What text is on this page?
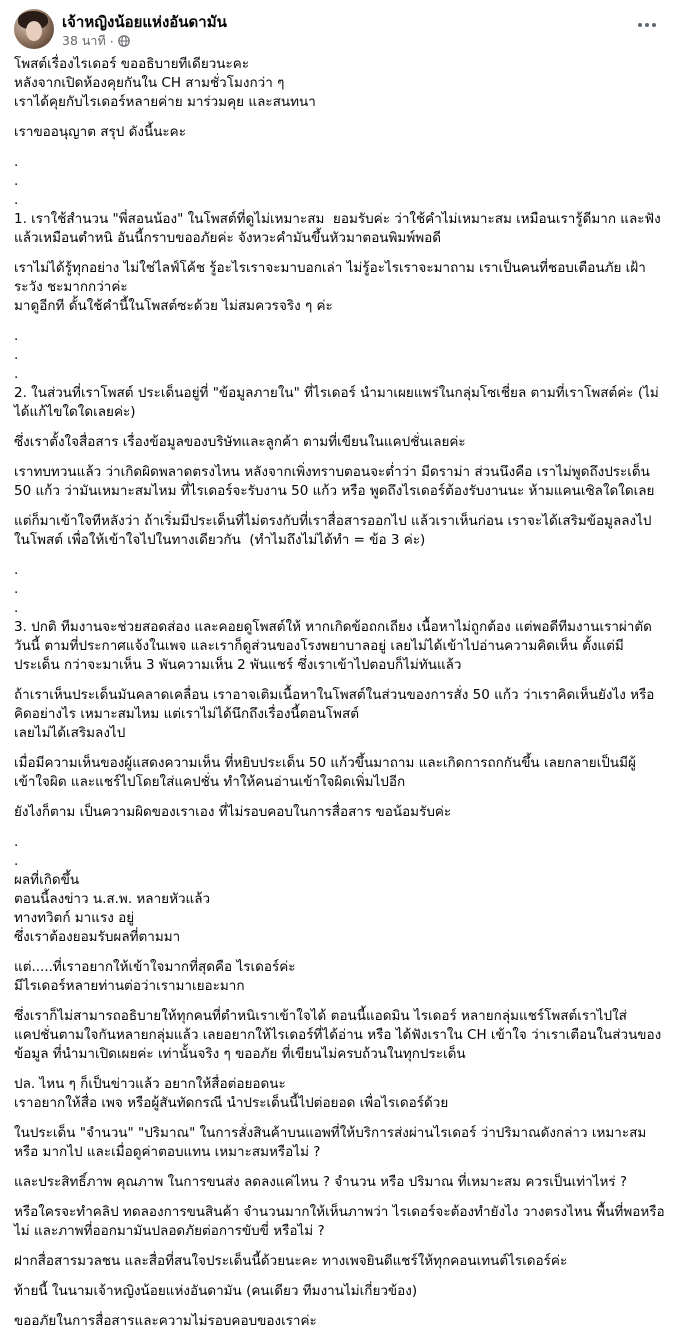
เจ้าหญิงน้อยแห่งอันดามัน
38 นาที ·

โพสต์เรื่องไรเดอร์ ขออธิบายทีเดียวนะคะ
หลังจากเปิดห้องคุยกันใน CH สามชั่วโมงกว่า ๆ
เราได้คุยกับไรเดอร์หลายค่าย มาร่วมคุย และสนทนา

เราขออนุญาต สรุป ดังนี้นะคะ

.

.

.

1. เราใช้สำนวน "พี่สอนน้อง" ในโพสต์ที่ดูไม่เหมาะสม  ยอมรับค่ะ ว่าใช้คำไม่เหมาะสม เหมือนเรารู้ดีมาก และฟังแล้วเหมือนตำหนิ อันนี้กราบขออภัยค่ะ จังหวะคำมันขึ้นหัวมาตอนพิมพ์พอดี

เราไม่ได้รู้ทุกอย่าง ไม่ใช่ไลฟ์โค้ช รู้อะไรเราจะมาบอกเล่า ไม่รู้อะไรเราจะมาถาม เราเป็นคนที่ชอบเตือนภัย เฝ้าระวัง ชะมากกว่าค่ะ
มาดูอีกที ดั้นใช้คำนี้ในโพสต์ซะด้วย ไม่สมควรจริง ๆ ค่ะ

.

.

.

2. ในส่วนที่เราโพสต์ ประเด็นอยู่ที่ "ข้อมูลภายใน" ที่ไรเดอร์ นำมาเผยแพร่ในกลุ่มโซเชี่ยล ตามที่เราโพสต์ค่ะ (ไม่ได้แก้ไขใดใดเลยค่ะ)

ซึ่งเราตั้งใจสื่อสาร เรื่องข้อมูลของบริษัทและลูกค้า ตามที่เขียนในแคปชั่นเลยค่ะ

เราทบทวนแล้ว ว่าเกิดผิดพลาดตรงไหน หลังจากเพิ่งทราบตอนจะต่ำว่า มีดราม่า ส่วนนึงคือ เราไม่พูดถึงประเด็น 50 แก้ว ว่ามันเหมาะสมไหม ที่ไรเดอร์จะรับงาน 50 แก้ว หรือ พูดถึงไรเดอร์ต้องรับงานนะ ห้ามแคนเซิลใดใดเลย

แต่ก็มาเข้าใจทีหลังว่า ถ้าเริ่มมีประเด็นที่ไม่ตรงกับที่เราสื่อสารออกไป แล้วเราเห็นก่อน เราจะได้เสริมข้อมูลลงไปในโพสต์ เพื่อให้เข้าใจไปในทางเดียวกัน  (ทำไมถึงไม่ได้ทำ = ข้อ 3 ค่ะ)

.

.

.

3. ปกติ ทีมงานจะช่วยสอดส่อง และคอยดูโพสต์ให้ หากเกิดข้อถกเถียง เนื้อหาไม่ถูกต้อง แต่พอดีทีมงานเราผ่าตัดวันนี้ ตามที่ประกาศแจ้งในเพจ และเราก็ดูส่วนของโรงพยาบาลอยู่ เลยไม่ได้เข้าไปอ่านความคิดเห็น ตั้งแต่มีประเด็น กว่าจะมาเห็น 3 พันความเห็น 2 พันแชร์ ซึ่งเราเข้าไปตอบก็ไม่ทันแล้ว

ถ้าเราเห็นประเด็นมันคลาดเคลื่อน เราอาจเติมเนื้อหาในโพสต์ในส่วนของการสั่ง 50 แก้ว ว่าเราคิดเห็นยังไง หรือ คิดอย่างไร เหมาะสมไหม แต่เราไม่ได้นึกถึงเรื่องนี้ตอนโพสต์
เลยไม่ได้เสริมลงไป

เมื่อมีความเห็นของผู้แสดงความเห็น ที่หยิบประเด็น 50 แก้วขึ้นมาถาม และเกิดการถกกันขึ้น เลยกลายเป็นมีผู้เข้าใจผิด และแชร์ไปโดยใส่แคปชั่น ทำให้คนอ่านเข้าใจผิดเพิ่มไปอีก

ยังไงก็ตาม เป็นความผิดของเราเอง ที่ไม่รอบคอบในการสื่อสาร ขอน้อมรับค่ะ

.

.

ผลที่เกิดขึ้น
ตอนนี้ลงข่าว น.ส.พ. หลายหัวแล้ว
ทางทวิตก์ มาแรง อยู่
ซึ่งเราต้องยอมรับผลที่ตามมา

แต่.....ที่เราอยากให้เข้าใจมากที่สุดคือ ไรเดอร์ค่ะ
มีไรเดอร์หลายท่านต่อว่าเรามาเยอะมาก

ซึ่งเราก็ไม่สามารถอธิบายให้ทุกคนที่ตำหนิเราเข้าใจได้ ตอนนี้แอดมิน ไรเดอร์ หลายกลุ่มแชร์โพสต์เราไปใส่แคปชั่นตามใจกันหลายกลุ่มแล้ว เลยอยากให้ไรเดอร์ที่ได้อ่าน หรือ ได้ฟังเราใน CH เข้าใจ ว่าเราเตือนในส่วนของข้อมูล ที่นำมาเปิดเผยค่ะ เท่านั้นจริง ๆ ขออภัย ที่เขียนไม่ครบถ้วนในทุกประเด็น

ปล. ไหน ๆ ก็เป็นข่าวแล้ว อยากให้สื่อต่อยอดนะ
เราอยากให้สื่อ เพจ หรือผู้สันทัดกรณี นำประเด็นนี้ไปต่อยอด เพื่อไรเดอร์ด้วย

ในประเด็น "จำนวน" "ปริมาณ" ในการสั่งสินค้าบนแอพที่ให้บริการส่งผ่านไรเดอร์ ว่าปริมาณดังกล่าว เหมาะสม หรือ มากไป และเมื่อดูค่าตอบแทน เหมาะสมหรือไม่ ?

และประสิทธิ์ภาพ คุณภาพ ในการขนส่ง ลดลงแค่ไหน ? จำนวน หรือ ปริมาณ ที่เหมาะสม ควรเป็นเท่าไหร่ ?

หรือใครจะทำคลิป ทดลองการขนสินค้า จำนวนมากให้เห็นภาพว่า ไรเดอร์จะต้องทำยังไง วางตรงไหน พื้นที่พอหรือไม่ และภาพที่ออกมามันปลอดภัยต่อการขับขี่ หรือไม่ ?

ฝากสื่อสารมวลชน และสื่อที่สนใจประเด็นนี้ด้วยนะคะ ทางเพจยินดีแชร์ให้ทุกคอนเทนต์ไรเดอร์ค่ะ

ท้ายนี้ ในนามเจ้าหญิงน้อยแห่งอันดามัน (คนเดียว ทีมงานไม่เกี่ยวข้อง)

ขออภัยในการสื่อสารและความไม่รอบคอบของเราค่ะ
